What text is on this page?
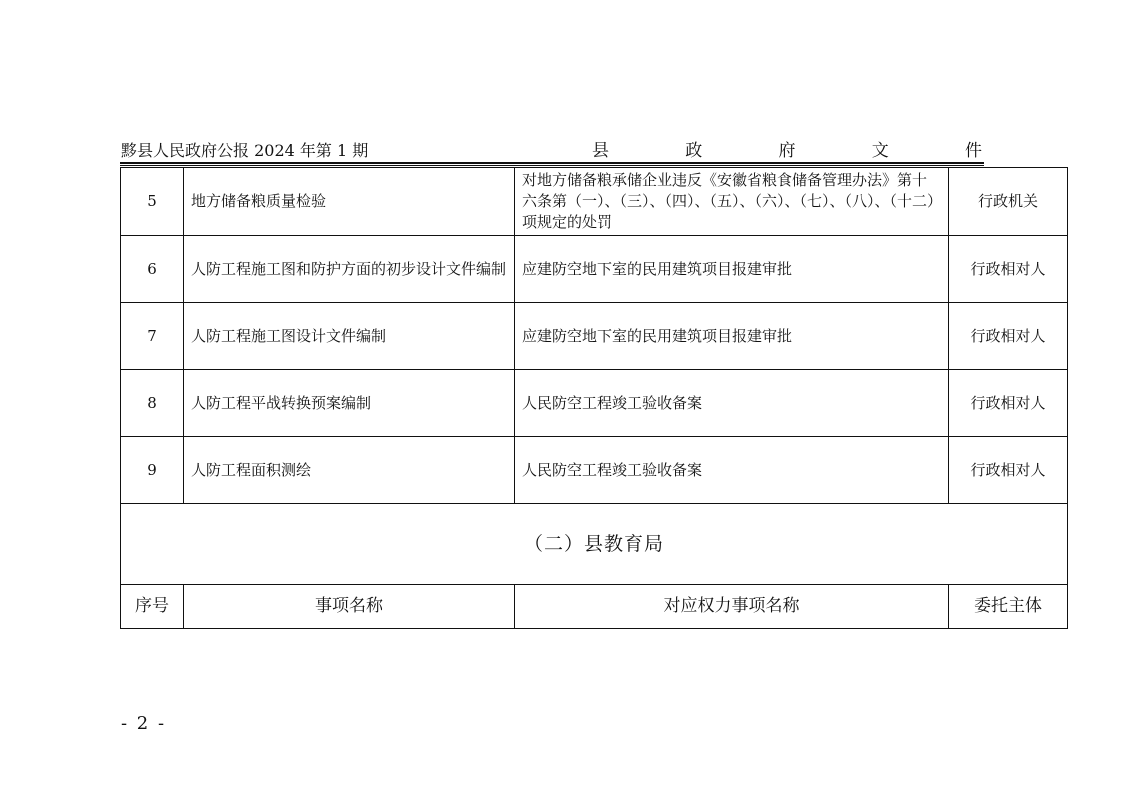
黟县人民政府公报 2024 年第 1 期	县	政	府	文	件
5	地方储备粮质量检验	对地方储备粮承储企业违反《安徽省粮食储备管理办法》第十六条第（一）、（三）、（四）、（五）、（六）、（七）、（八）、（十二）项规定的处罚	行政机关
6	人防工程施工图和防护方面的初步设计文件编制	应建防空地下室的民用建筑项目报建审批	行政相对人
7	人防工程施工图设计文件编制	应建防空地下室的民用建筑项目报建审批	行政相对人
8	人防工程平战转换预案编制	人民防空工程竣工验收备案	行政相对人
9	人防工程面积测绘	人民防空工程竣工验收备案	行政相对人
（二）县教育局			
序号	事项名称	对应权力事项名称	委托主体
- 2 -
